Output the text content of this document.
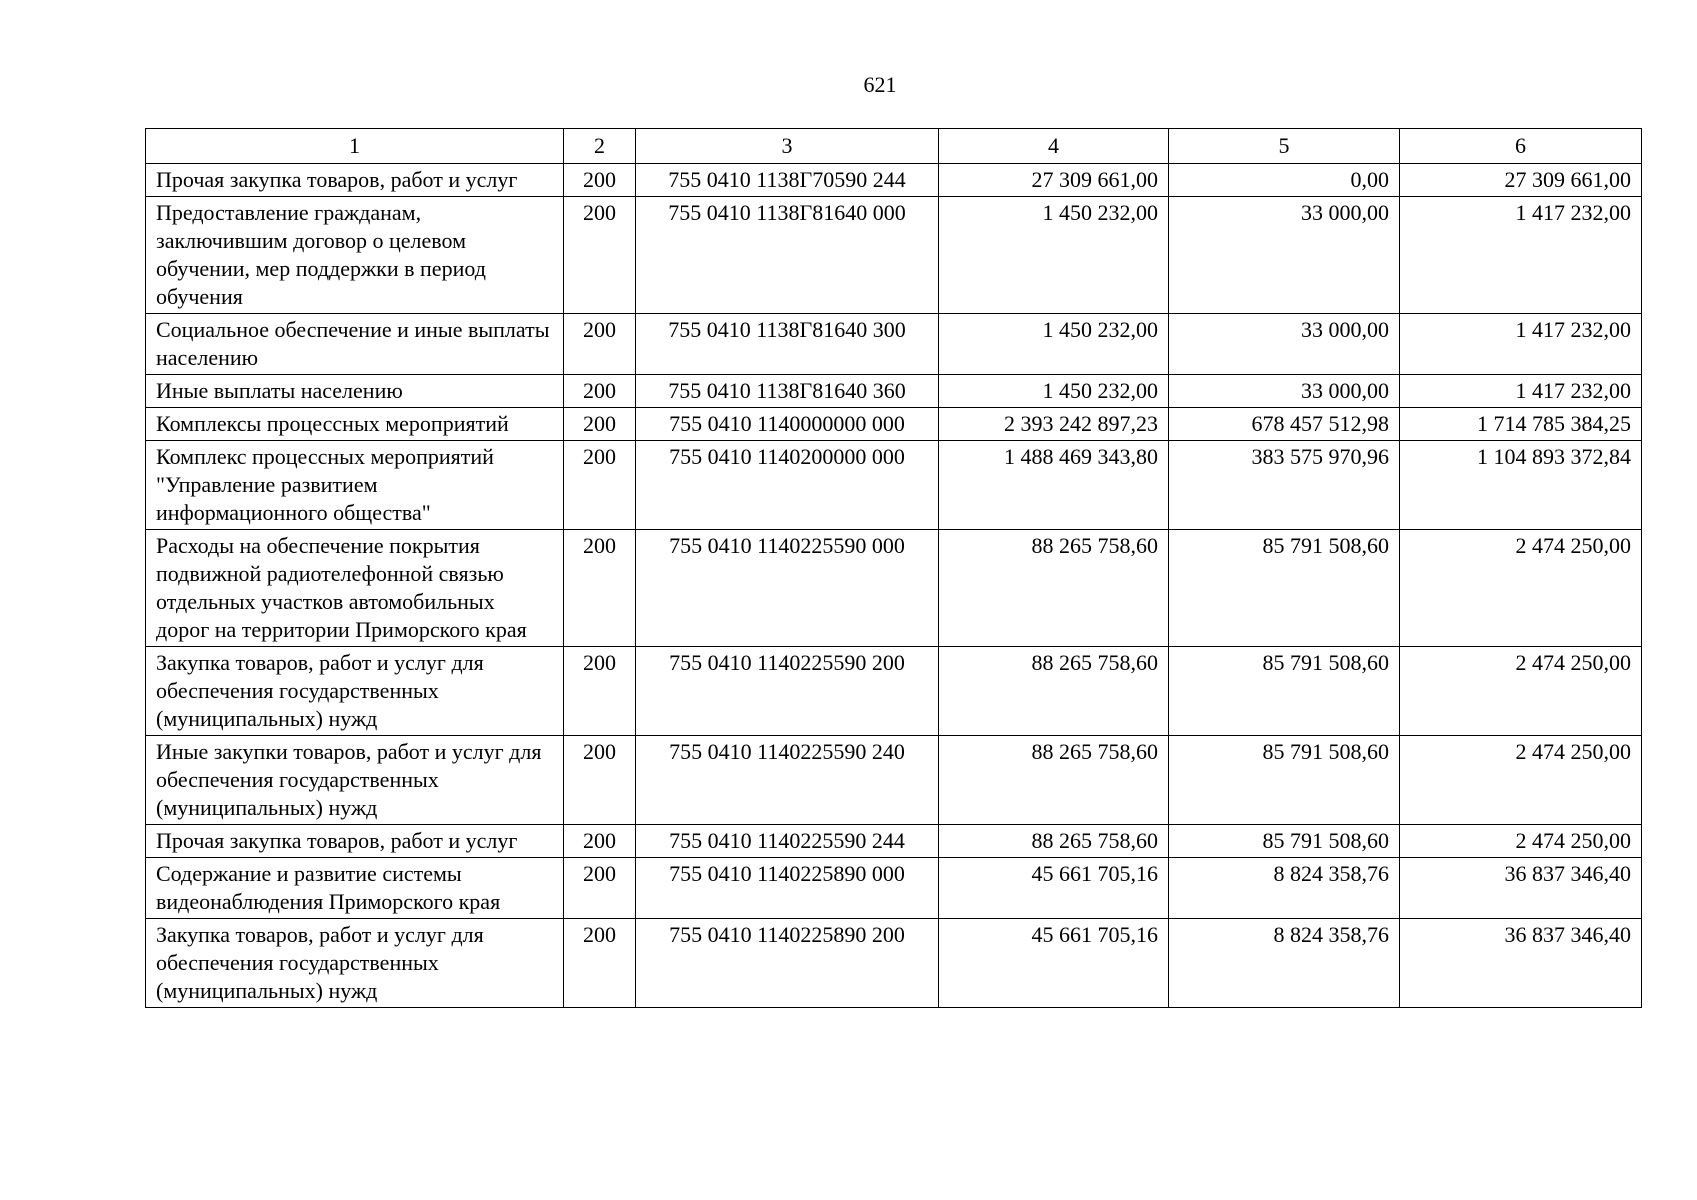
621
1	2	3	4	5	6
Прочая закупка товаров, работ и услуг	200	755 0410 1138Г70590 244	27 309 661,00	0,00	27 309 661,00
Предоставление гражданам, заключившим договор о целевом обучении, мер поддержки в период обучения	200	755 0410 1138Г81640 000	1 450 232,00	33 000,00	1 417 232,00
Социальное обеспечение и иные выплаты населению	200	755 0410 1138Г81640 300	1 450 232,00	33 000,00	1 417 232,00
Иные выплаты населению	200	755 0410 1138Г81640 360	1 450 232,00	33 000,00	1 417 232,00
Комплексы процессных мероприятий	200	755 0410 1140000000 000	2 393 242 897,23	678 457 512,98	1 714 785 384,25
Комплекс процессных мероприятий "Управление развитием информационного общества"	200	755 0410 1140200000 000	1 488 469 343,80	383 575 970,96	1 104 893 372,84
Расходы на обеспечение покрытия подвижной радиотелефонной связью отдельных участков автомобильных дорог на территории Приморского края	200	755 0410 1140225590 000	88 265 758,60	85 791 508,60	2 474 250,00
Закупка товаров, работ и услуг для обеспечения государственных (муниципальных) нужд	200	755 0410 1140225590 200	88 265 758,60	85 791 508,60	2 474 250,00
Иные закупки товаров, работ и услуг для обеспечения государственных (муниципальных) нужд	200	755 0410 1140225590 240	88 265 758,60	85 791 508,60	2 474 250,00
Прочая закупка товаров, работ и услуг	200	755 0410 1140225590 244	88 265 758,60	85 791 508,60	2 474 250,00
Содержание и развитие системы видеонаблюдения Приморского края	200	755 0410 1140225890 000	45 661 705,16	8 824 358,76	36 837 346,40
Закупка товаров, работ и услуг для обеспечения государственных (муниципальных) нужд	200	755 0410 1140225890 200	45 661 705,16	8 824 358,76	36 837 346,40
